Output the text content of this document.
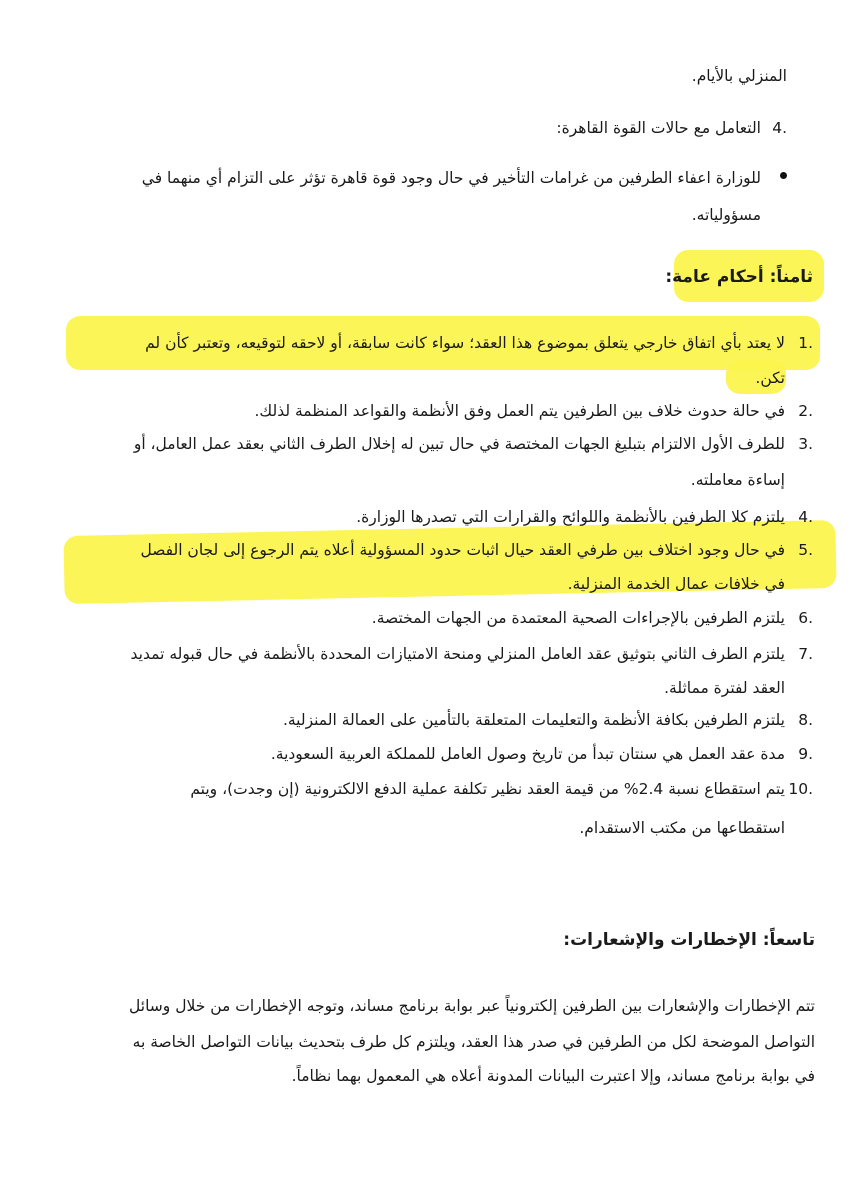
المنزلي بالأيام.
4.
التعامل مع حالات القوة القاهرة:
للوزارة اعفاء الطرفين من غرامات التأخير في حال وجود قوة قاهرة تؤثر على التزام أي منهما في
مسؤولياته.
ثامناً: أحكام عامة:
1.
لا يعتد بأي اتفاق خارجي يتعلق بموضوع هذا العقد؛ سواء كانت سابقة، أو لاحقه لتوقيعه، وتعتبر كأن لم
تكن.
2.
في حالة حدوث خلاف بين الطرفين يتم العمل وفق الأنظمة والقواعد المنظمة لذلك.
3.
للطرف الأول الالتزام بتبليغ الجهات المختصة في حال تبين له إخلال الطرف الثاني بعقد عمل العامل، أو
إساءة معاملته.
4.
يلتزم كلا الطرفين بالأنظمة واللوائح والقرارات التي تصدرها الوزارة.
5.
في حال وجود اختلاف بين طرفي العقد حيال اثبات حدود المسؤولية أعلاه يتم الرجوع إلى لجان الفصل
في خلافات عمال الخدمة المنزلية.
6.
يلتزم الطرفين بالإجراءات الصحية المعتمدة من الجهات المختصة.
7.
يلتزم الطرف الثاني بتوثيق عقد العامل المنزلي ومنحة الامتيازات المحددة بالأنظمة في حال قبوله تمديد
العقد لفترة مماثلة.
8.
يلتزم الطرفين بكافة الأنظمة والتعليمات المتعلقة بالتأمين على العمالة المنزلية.
9.
مدة عقد العمل هي سنتان تبدأ من تاريخ وصول العامل للمملكة العربية السعودية.
10.
يتم استقطاع نسبة 2.4% من قيمة العقد نظير تكلفة عملية الدفع الالكترونية (إن وجدت)، ويتم
استقطاعها من مكتب الاستقدام.
تاسعاً: الإخطارات والإشعارات:
تتم الإخطارات والإشعارات بين الطرفين إلكترونياً عبر بوابة برنامج مساند، وتوجه الإخطارات من خلال وسائل
التواصل الموضحة لكل من الطرفين في صدر هذا العقد، ويلتزم كل طرف بتحديث بيانات التواصل الخاصة به
في بوابة برنامج مساند، وإلا اعتبرت البيانات المدونة أعلاه هي المعمول بهما نظاماً.
